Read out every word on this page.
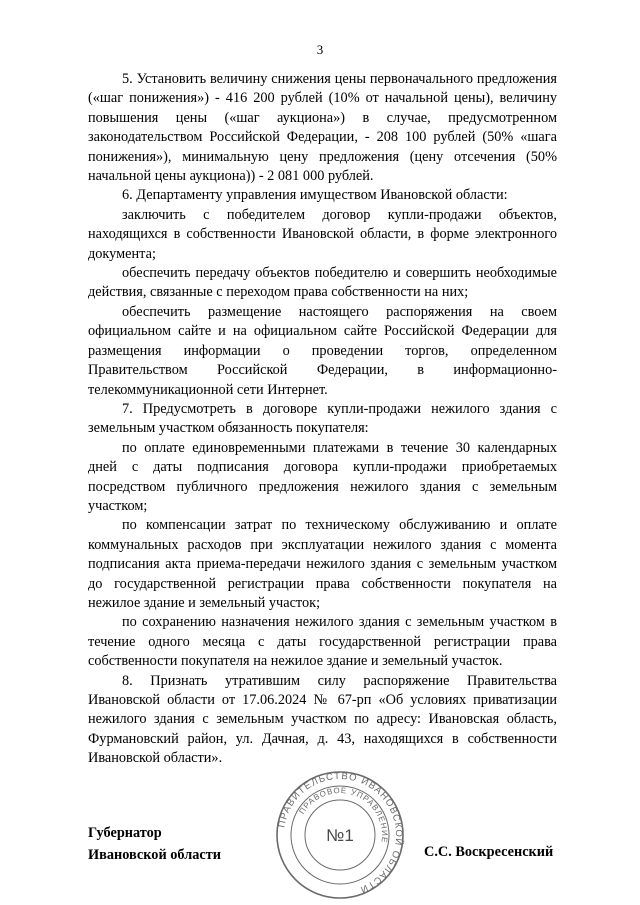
3

5. Установить величину снижения цены первоначального предложения («шаг понижения») - 416 200 рублей (10% от начальной цены), величину повышения цены («шаг аукциона») в случае, предусмотренном законодательством Российской Федерации, - 208 100 рублей (50% «шага понижения»), минимальную цену предложения (цену отсечения (50% начальной цены аукциона)) - 2 081 000 рублей.

6. Департаменту управления имуществом Ивановской области:

заключить с победителем договор купли-продажи объектов, находящихся в собственности Ивановской области, в форме электронного документа;

обеспечить передачу объектов победителю и совершить необходимые действия, связанные с переходом права собственности на них;

обеспечить размещение настоящего распоряжения на своем официальном сайте и на официальном сайте Российской Федерации для размещения информации о проведении торгов, определенном Правительством Российской Федерации, в информационно-телекоммуникационной сети Интернет.

7. Предусмотреть в договоре купли-продажи нежилого здания с земельным участком обязанность покупателя:

по оплате единовременными платежами в течение 30 календарных дней с даты подписания договора купли-продажи приобретаемых посредством публичного предложения нежилого здания с земельным участком;

по компенсации затрат по техническому обслуживанию и оплате коммунальных расходов при эксплуатации нежилого здания с момента подписания акта приема-передачи нежилого здания с земельным участком до государственной регистрации права собственности покупателя на нежилое здание и земельный участок;

по сохранению назначения нежилого здания с земельным участком в течение одного месяца с даты государственной регистрации права собственности покупателя на нежилое здание и земельный участок.

8. Признать утратившим силу распоряжение Правительства Ивановской области от 17.06.2024 № 67-рп «Об условиях приватизации нежилого здания с земельным участком по адресу: Ивановская область, Фурмановский район, ул. Дачная, д. 43, находящихся в собственности Ивановской области».

Губернатор
Ивановской области	С.С. Воскресенский
ПРАВИТЕЛЬСТВО ИВАНОВСКОЙ ОБЛАСТИ
ПРАВОВОЕ УПРАВЛЕНИЕ
№1
